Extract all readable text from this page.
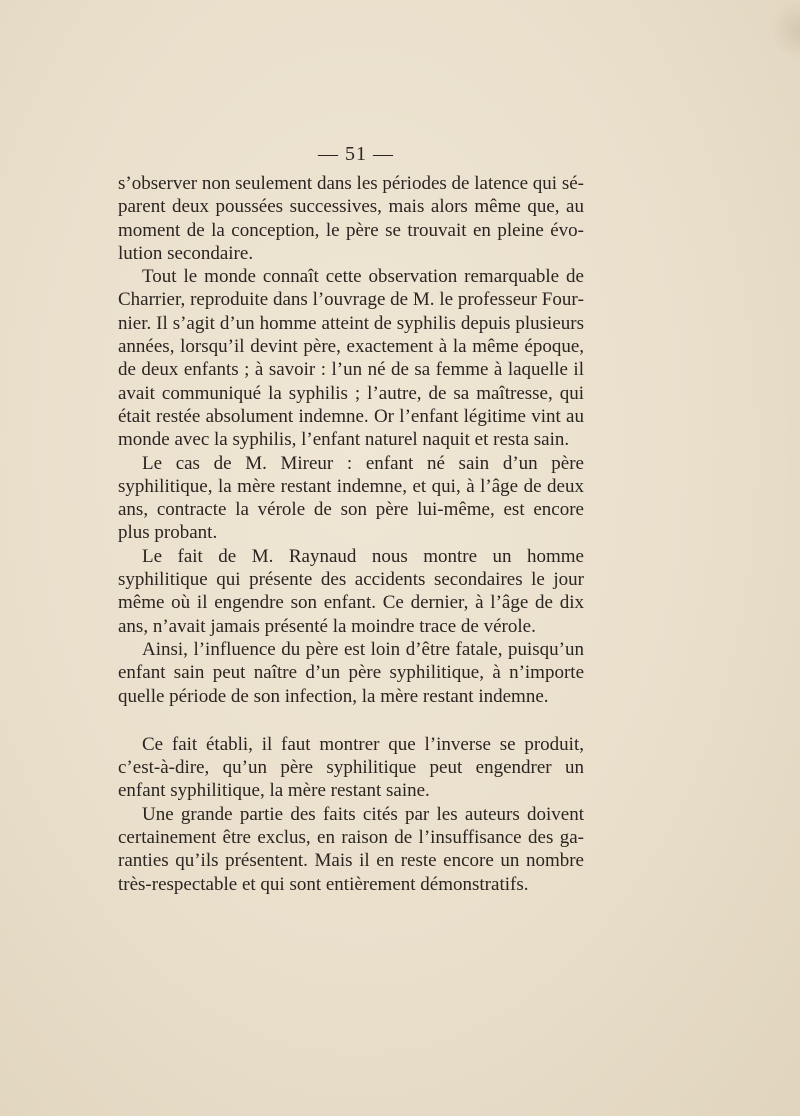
— 51 —

s’observer non seulement dans les périodes de latence qui séparent deux poussées successives, mais alors même que, au moment de la conception, le père se trouvait en pleine évolution secondaire.

Tout le monde connaît cette observation remarquable de Charrier, reproduite dans l’ouvrage de M. le professeur Fournier. Il s’agit d’un homme atteint de syphilis depuis plusieurs années, lorsqu’il devint père, exactement à la même époque, de deux enfants ; à savoir : l’un né de sa femme à laquelle il avait communiqué la syphilis ; l’autre, de sa maîtresse, qui était restée absolument indemne. Or l’enfant légitime vint au monde avec la syphilis, l’enfant naturel naquit et resta sain.

Le cas de M. Mireur : enfant né sain d’un père syphilitique, la mère restant indemne, et qui, à l’âge de deux ans, contracte la vérole de son père lui-même, est encore plus probant.

Le fait de M. Raynaud nous montre un homme syphilitique qui présente des accidents secondaires le jour même où il engendre son enfant. Ce dernier, à l’âge de dix ans, n’avait jamais présenté la moindre trace de vérole.

Ainsi, l’influence du père est loin d’être fatale, puisqu’un enfant sain peut naître d’un père syphilitique, à n’importe quelle période de son infection, la mère restant indemne.

Ce fait établi, il faut montrer que l’inverse se produit, c’est-à-dire, qu’un père syphilitique peut engendrer un enfant syphilitique, la mère restant saine.

Une grande partie des faits cités par les auteurs doivent certainement être exclus, en raison de l’insuffisance des garanties qu’ils présentent. Mais il en reste encore un nombre très-respectable et qui sont entièrement démonstratifs.
